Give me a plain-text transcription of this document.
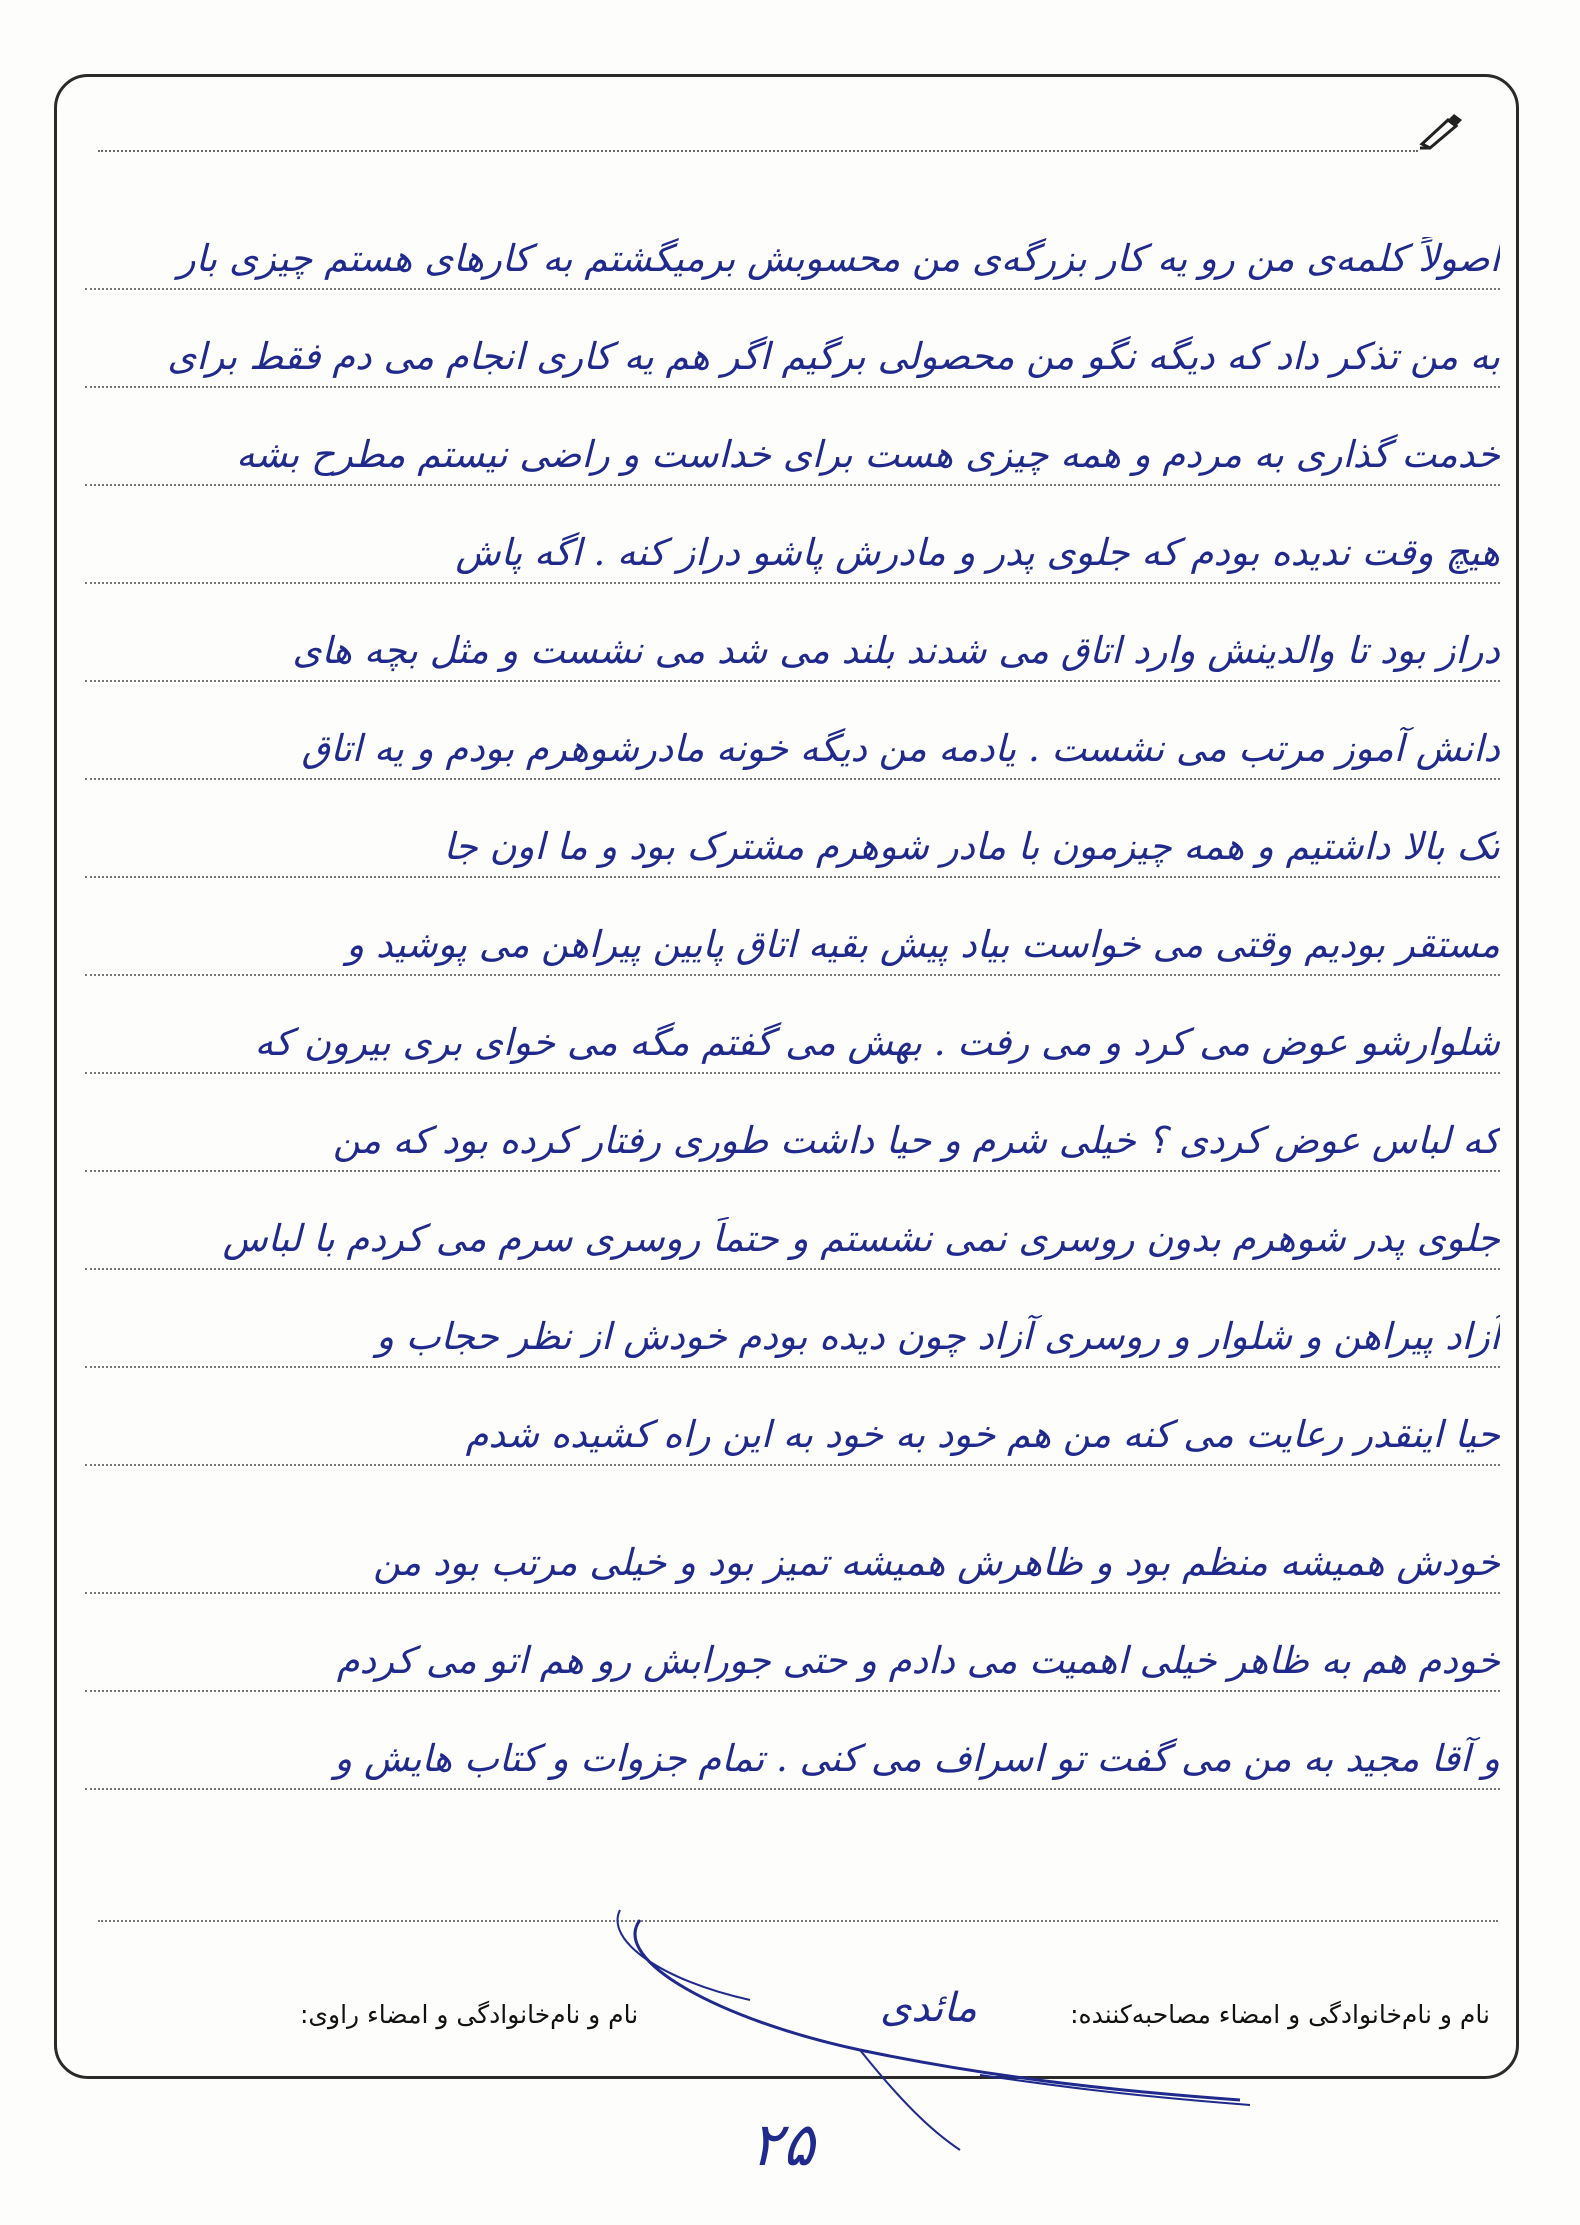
اصولاً کلمه‌ی من رو یه کار بزرگه‌ی من محسوبش برمیگشتم به کارهای هستم چیزی بار
به من تذکر داد که دیگه نگو من محصولی برگیم اگر هم یه کاری انجام می دم فقط برای
خدمت گذاری به مردم و همه چیزی هست برای خداست و راضی نیستم مطرح بشه
هیچ وقت ندیده بودم که جلوی پدر و مادرش پاشو دراز کنه . اگه پاش
دراز بود تا والدینش وارد اتاق می شدند بلند می شد می نشست و مثل بچه های
دانش آموز مرتب می نشست . یادمه من دیگه خونه مادرشوهرم بودم و یه اتاق
تک بالا داشتیم و همه چیزمون با مادر شوهرم مشترک بود و ما اون جا
مستقر بودیم وقتی می خواست بیاد پیش بقیه اتاق پایین پیراهن می پوشید و
شلوارشو عوض می کرد و می رفت . بهش می گفتم مگه می خوای بری بیرون که
که لباس عوض کردی ؟ خیلی شرم و حیا داشت طوری رفتار کرده بود که من
جلوی پدر شوهرم بدون روسری نمی نشستم و حتماً روسری سرم می کردم با لباس
آزاد پیراهن و شلوار و روسری آزاد چون دیده بودم خودش از نظر حجاب و
حیا اینقدر رعایت می کنه من هم خود به خود به این راه کشیده شدم
خودش همیشه منظم بود و ظاهرش همیشه تمیز بود و خیلی مرتب بود من
خودم هم به ظاهر خیلی اهمیت می دادم و حتی جورابش رو هم اتو می کردم
و آقا مجید به من می گفت تو اسراف می کنی . تمام جزوات و کتاب هایش و
نام و نام‌خانوادگی و امضاء مصاحبه‌کننده:
نام و نام‌خانوادگی و امضاء راوی:	مائدی
۲۵
